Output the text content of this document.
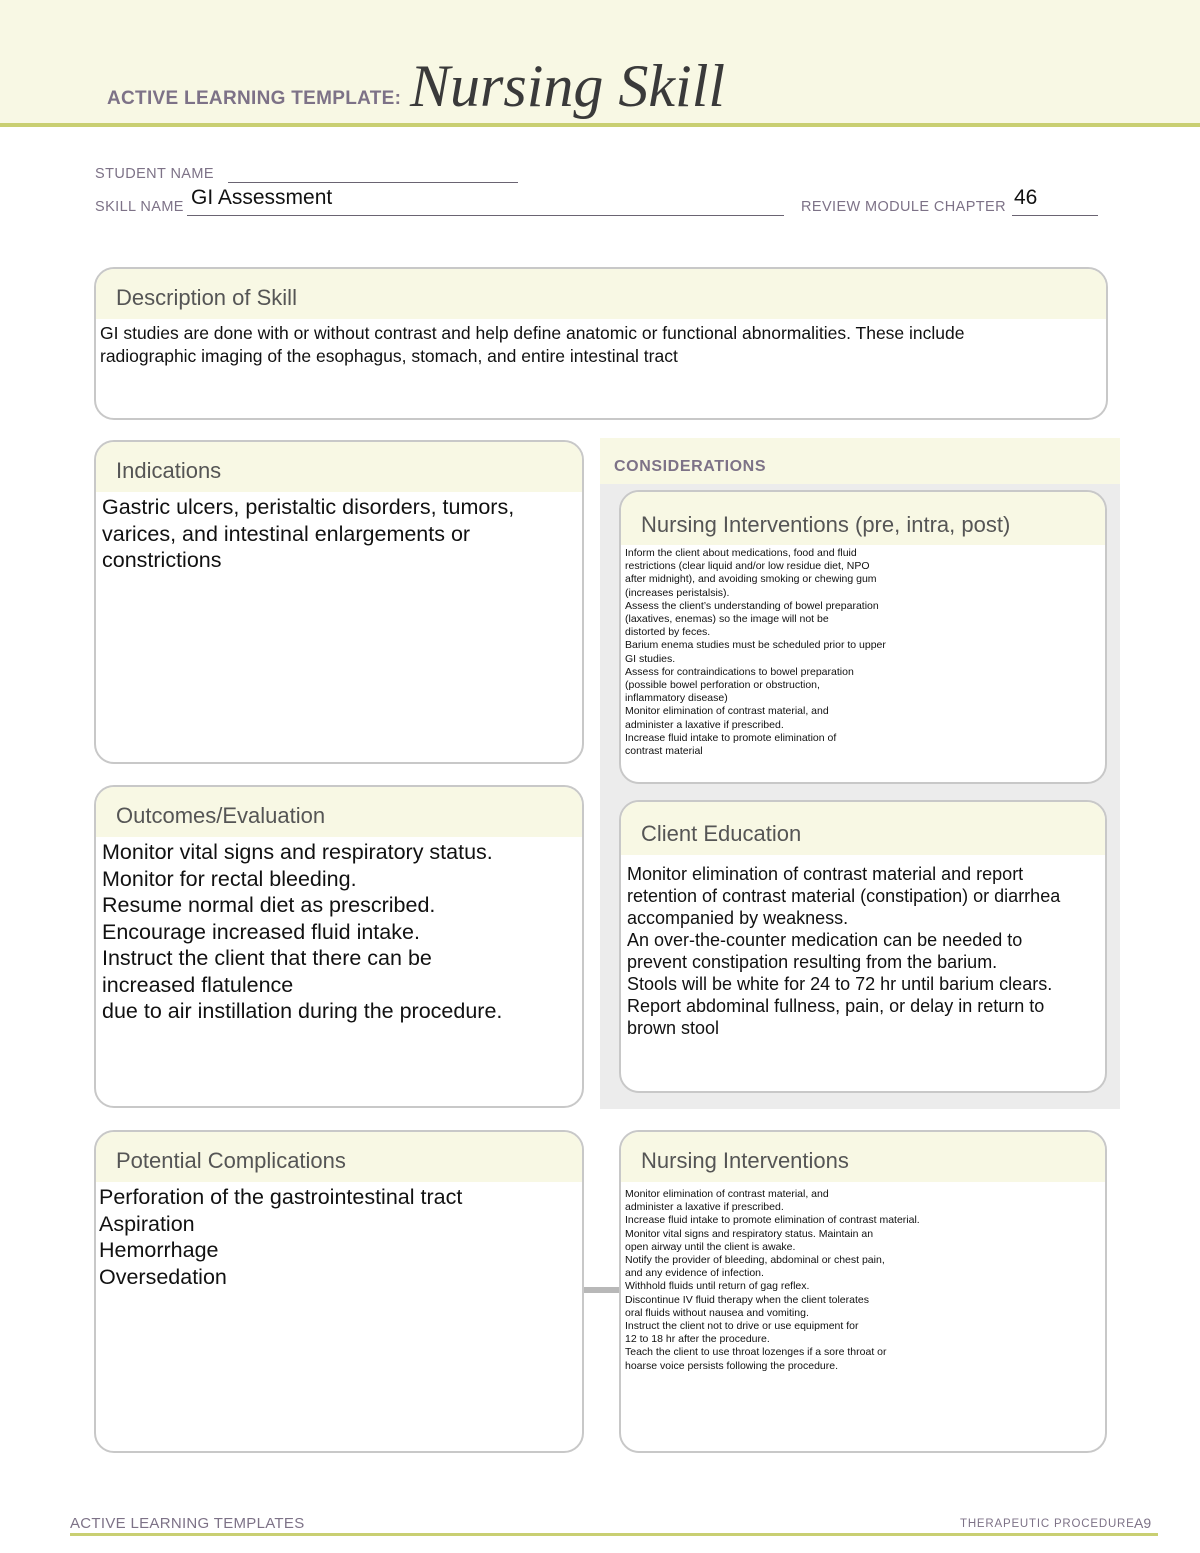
ACTIVE LEARNING TEMPLATE: Nursing Skill
STUDENT NAME
SKILL NAME GI Assessment	REVIEW MODULE CHAPTER 46
Description of Skill
GI studies are done with or without contrast and help define anatomic or functional abnormalities. These include
radiographic imaging of the esophagus, stomach, and entire intestinal tract
CONSIDERATIONS
Indications
Gastric ulcers, peristaltic disorders, tumors,
varices, and intestinal enlargements or
constrictions
Nursing Interventions (pre, intra, post)
Inform the client about medications, food and fluid
restrictions (clear liquid and/or low residue diet, NPO
after midnight), and avoiding smoking or chewing gum
(increases peristalsis).
Assess the client’s understanding of bowel preparation
(laxatives, enemas) so the image will not be
distorted by feces.
Barium enema studies must be scheduled prior to upper
GI studies.
Assess for contraindications to bowel preparation
(possible bowel perforation or obstruction,
inflammatory disease)
Monitor elimination of contrast material, and
administer a laxative if prescribed.
Increase fluid intake to promote elimination of
contrast material
Outcomes/Evaluation
Monitor vital signs and respiratory status.
Monitor for rectal bleeding.
Resume normal diet as prescribed.
Encourage increased fluid intake.
Instruct the client that there can be
increased flatulence
due to air instillation during the procedure.
Client Education
Monitor elimination of contrast material and report
retention of contrast material (constipation) or diarrhea
accompanied by weakness.
An over-the-counter medication can be needed to
prevent constipation resulting from the barium.
Stools will be white for 24 to 72 hr until barium clears.
Report abdominal fullness, pain, or delay in return to
brown stool
Potential Complications
Perforation of the gastrointestinal tract
Aspiration
Hemorrhage
Oversedation
Nursing Interventions
Monitor elimination of contrast material, and
administer a laxative if prescribed.
Increase fluid intake to promote elimination of contrast material.
Monitor vital signs and respiratory status. Maintain an
open airway until the client is awake.
Notify the provider of bleeding, abdominal or chest pain,
and any evidence of infection.
Withhold fluids until return of gag reflex.
Discontinue IV fluid therapy when the client tolerates
oral fluids without nausea and vomiting.
Instruct the client not to drive or use equipment for
12 to 18 hr after the procedure.
Teach the client to use throat lozenges if a sore throat or
hoarse voice persists following the procedure.
ACTIVE LEARNING TEMPLATES	THERAPEUTIC PROCEDURE A9
